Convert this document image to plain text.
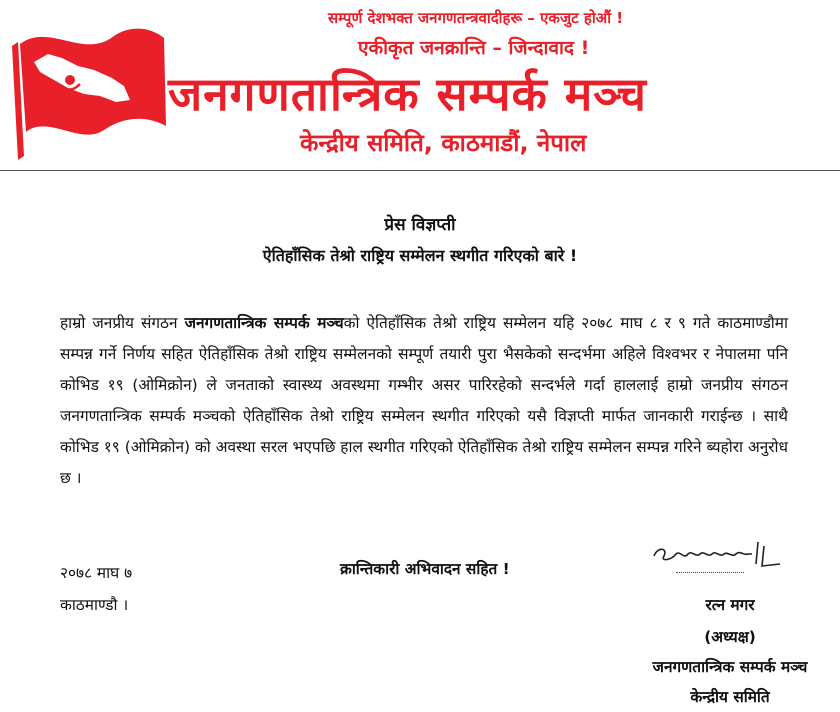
सम्पूर्ण देशभक्त जनगणतन्त्रवादीहरू – एकजुट होऔं !
एकीकृत जनक्रान्ति – जिन्दावाद !
जनगणतान्त्रिक सम्पर्क मञ्च
केन्द्रीय समिति, काठमाडौं, नेपाल
प्रेस विज्ञप्ती
ऐतिहाँसिक तेश्रो राष्ट्रिय सम्मेलन स्थगीत गरिएको बारे !
हाम्रो जनप्रीय संगठन जनगणतान्त्रिक सम्पर्क मञ्चको ऐतिहाँसिक तेश्रो राष्ट्रिय सम्मेलन यहि २०७८ माघ ८ र ९ गते काठमाण्डौमा सम्पन्न गर्ने निर्णय सहित ऐतिहाँसिक तेश्रो राष्ट्रिय सम्मेलनको सम्पूर्ण तयारी पुरा भैसकेको सन्दर्भमा अहिले विश्वभर र नेपालमा पनि कोभिड १९ (ओमिक्रोन) ले जनताको स्वास्थ्य अवस्थमा गम्भीर असर पारिरहेको सन्दर्भले गर्दा हाललाई हाम्रो जनप्रीय संगठन जनगणतान्त्रिक सम्पर्क मञ्चको ऐतिहाँसिक तेश्रो राष्ट्रिय सम्मेलन स्थगीत गरिएको यसै विज्ञप्ती मार्फत जानकारी गराईन्छ । साथै कोभिड १९ (ओमिक्रोन) को अवस्था सरल भएपछि हाल स्थगीत गरिएको ऐतिहाँसिक तेश्रो राष्ट्रिय सम्मेलन सम्पन्न गरिने ब्यहोरा अनुरोध छ ।
२०७८ माघ ७
काठमाण्डौ ।
क्रान्तिकारी अभिवादन सहित !
रत्न मगर
(अध्यक्ष)
जनगणतान्त्रिक सम्पर्क मञ्च
केन्द्रीय समिति
